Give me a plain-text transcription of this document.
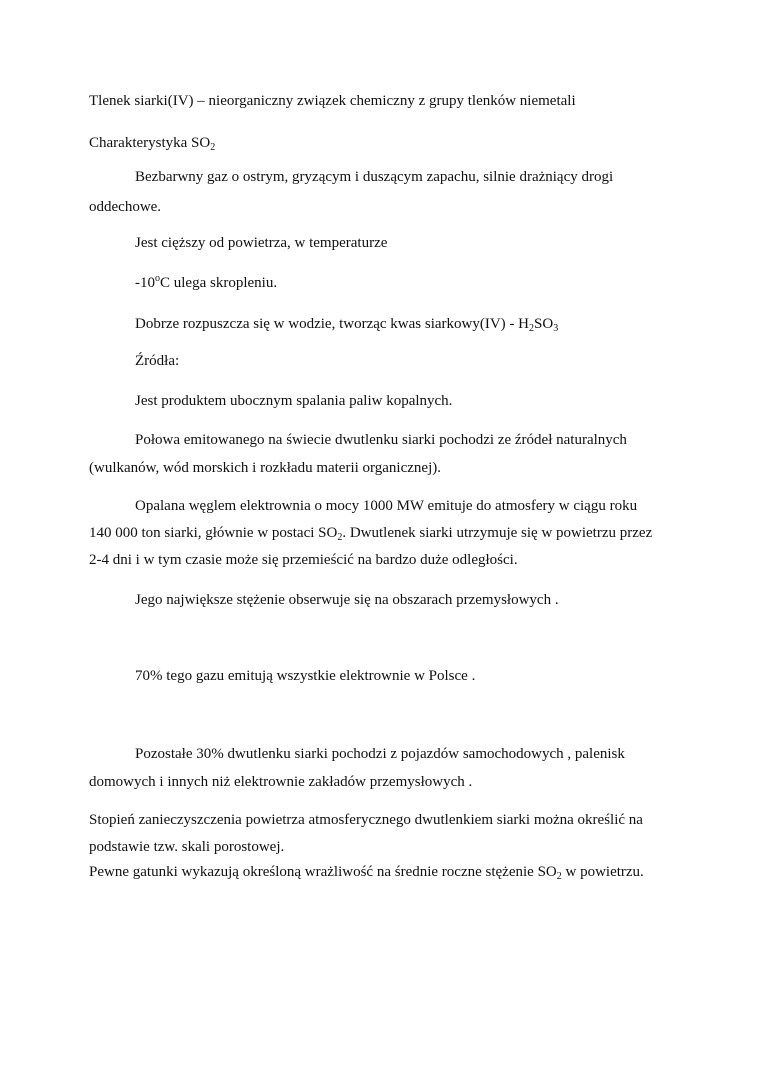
Tlenek siarki(IV) – nieorganiczny związek chemiczny z grupy tlenków niemetali

Charakterystyka $SO_2$

Bezbarwny gaz o ostrym, gryzącym i duszącym zapachu, silnie drażniący drogi

oddechowe.

Jest cięższy od powietrza, w temperaturze

-10$^o$C ulega skropleniu.

Dobrze rozpuszcza się w wodzie, tworząc kwas siarkowy(IV) - $H_2SO_3$

Źródła:

Jest produktem ubocznym spalania paliw kopalnych.

Połowa emitowanego na świecie dwutlenku siarki pochodzi ze źródeł naturalnych

(wulkanów, wód morskich i rozkładu materii organicznej).

Opalana węglem elektrownia o mocy 1000 MW emituje do atmosfery w ciągu roku

140 000 ton siarki, głównie w postaci $SO_2$. Dwutlenek siarki utrzymuje się w powietrzu przez

2-4 dni i w tym czasie może się przemieścić na bardzo duże odległości.

Jego największe stężenie obserwuje się na obszarach przemysłowych .

70% tego gazu emitują wszystkie elektrownie w Polsce .

Pozostałe 30% dwutlenku siarki pochodzi z pojazdów samochodowych , palenisk

domowych i innych niż elektrownie zakładów przemysłowych .

Stopień zanieczyszczenia powietrza atmosferycznego dwutlenkiem siarki można określić na

podstawie tzw. skali porostowej.

Pewne gatunki wykazują określoną wrażliwość na średnie roczne stężenie $SO_2$ w powietrzu.
